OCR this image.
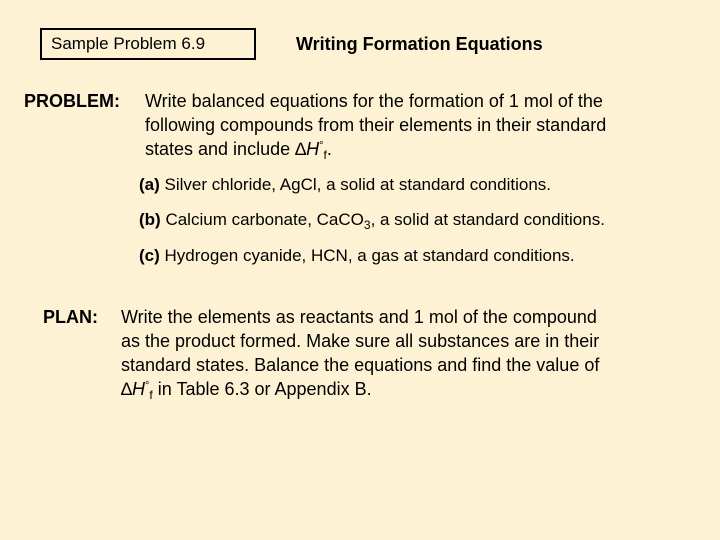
Sample Problem 6.9	Writing Formation Equations
PROBLEM: Write balanced equations for the formation of 1 mol of the
following compounds from their elements in their standard
states and include $\Delta H^\circ_f$.
(a) Silver chloride, AgCl, a solid at standard conditions.
(b) Calcium carbonate, CaCO$_3$, a solid at standard conditions.
(c) Hydrogen cyanide, HCN, a gas at standard conditions.
PLAN: Write the elements as reactants and 1 mol of the compound
as the product formed. Make sure all substances are in their
standard states. Balance the equations and find the value of
$\Delta H^\circ_f$ in Table 6.3 or Appendix B.
